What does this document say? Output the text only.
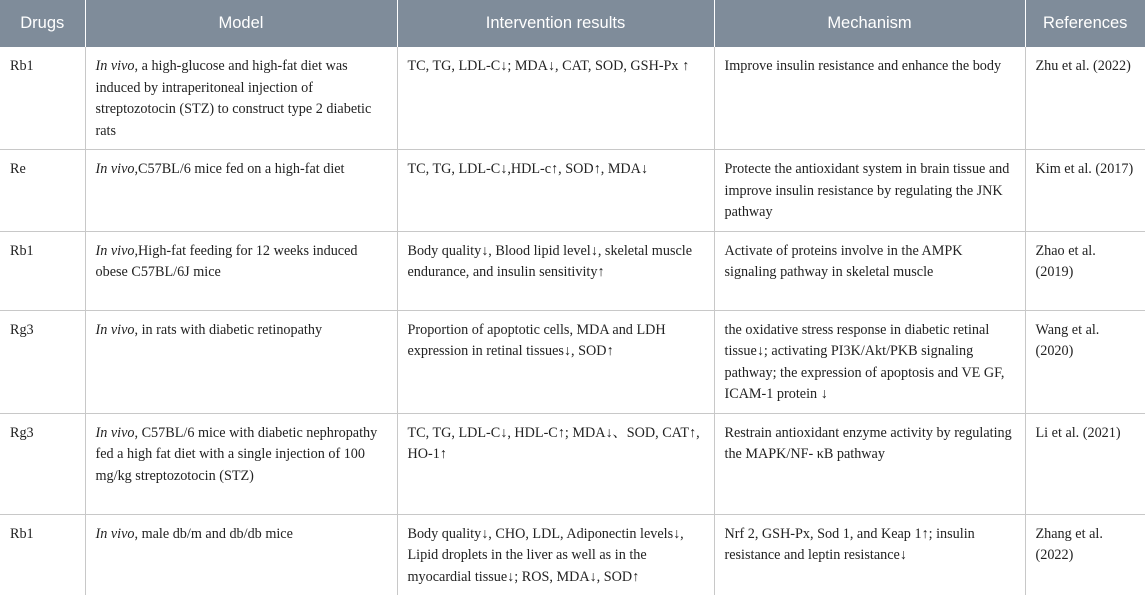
Drugs	Model	Intervention results	Mechanism	References
Rb1	In vivo, a high-glucose and high-fat diet was induced by intraperitoneal injection of streptozotocin (STZ) to construct type 2 diabetic rats	TC, TG, LDL-C↓; MDA↓, CAT, SOD, GSH-Px ↑	Improve insulin resistance and enhance the body	Zhu et al. (2022)
Re	In vivo,C57BL/6 mice fed on a high-fat diet	TC, TG, LDL-C↓,HDL-c↑, SOD↑, MDA↓	Protecte the antioxidant system in brain tissue and improve insulin resistance by regulating the JNK pathway	Kim et al. (2017)
Rb1	In vivo,High-fat feeding for 12 weeks induced obese C57BL/6J mice	Body quality↓, Blood lipid level↓, skeletal muscle endurance, and insulin sensitivity↑	Activate of proteins involve in the AMPK signaling pathway in skeletal muscle	Zhao et al. (2019)
Rg3	In vivo, in rats with diabetic retinopathy	Proportion of apoptotic cells, MDA and LDH expression in retinal tissues↓, SOD↑	the oxidative stress response in diabetic retinal tissue↓; activating PI3K/Akt/PKB signaling pathway; the expression of apoptosis and VE GF, ICAM-1 protein ↓	Wang et al. (2020)
Rg3	In vivo, C57BL/6 mice with diabetic nephropathy fed a high fat diet with a single injection of 100 mg/kg streptozotocin (STZ)	TC, TG, LDL-C↓, HDL-C↑; MDA↓、SOD, CAT↑, HO-1↑	Restrain antioxidant enzyme activity by regulating the MAPK/NF- κB pathway	Li et al. (2021)
Rb1	In vivo, male db/m and db/db mice	Body quality↓, CHO, LDL, Adiponectin levels↓, Lipid droplets in the liver as well as in the myocardial tissue↓; ROS, MDA↓, SOD↑	Nrf 2, GSH-Px, Sod 1, and Keap 1↑; insulin resistance and leptin resistance↓	Zhang et al. (2022)
